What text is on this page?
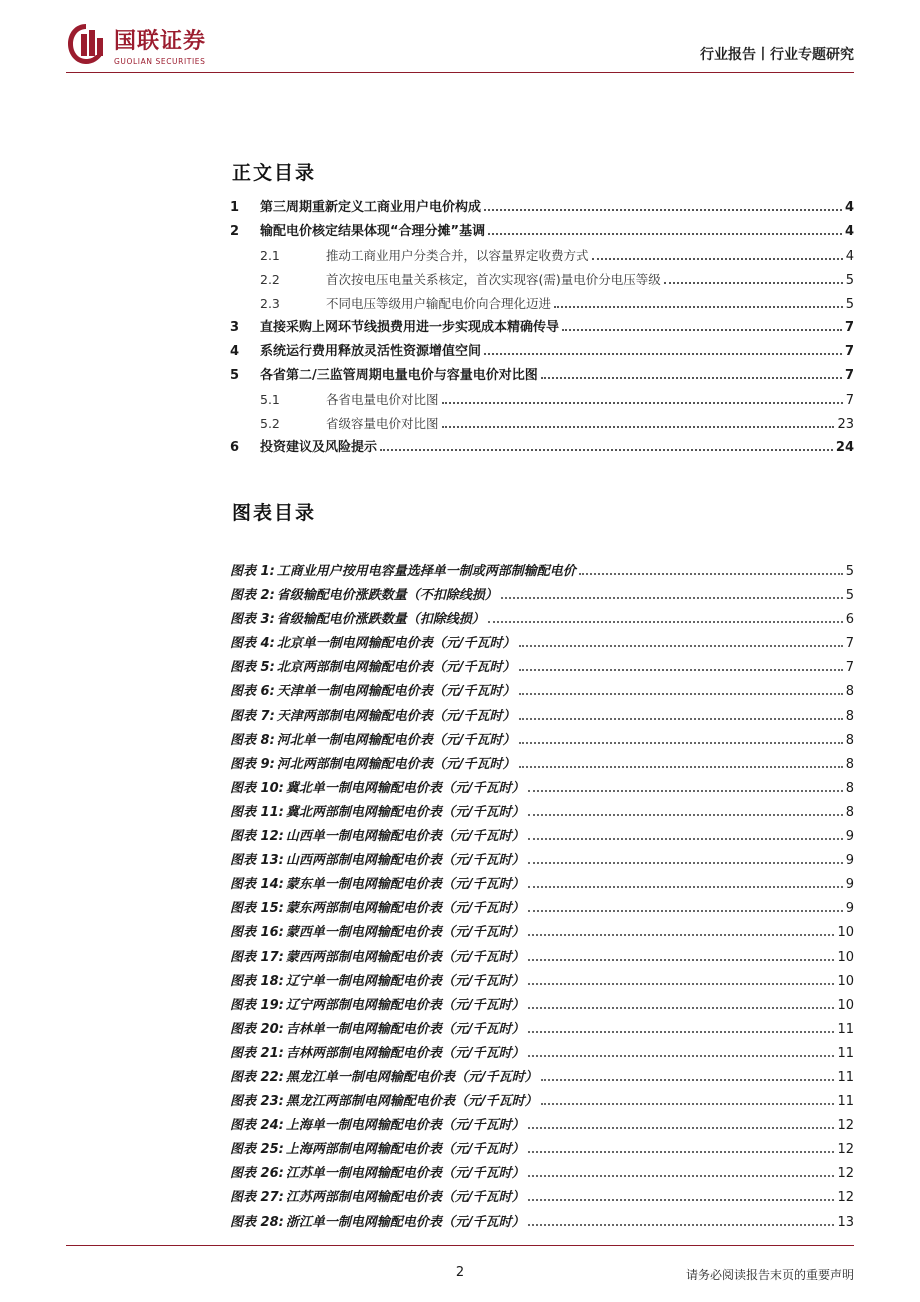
国联证券
GUOLIAN SECURITIES	行业报告丨行业专题研究
正文目录
1	第三周期重新定义工商业用户电价构成	4
2	输配电价核定结果体现“合理分摊”基调	4
2.1	推动工商业用户分类合并，以容量界定收费方式	4
2.2	首次按电压电量关系核定，首次实现容(需)量电价分电压等级	5
2.3	不同电压等级用户输配电价向合理化迈进	5
3	直接采购上网环节线损费用进一步实现成本精确传导	7
4	系统运行费用释放灵活性资源增值空间	7
5	各省第二/三监管周期电量电价与容量电价对比图	7
5.1	各省电量电价对比图	7
5.2	省级容量电价对比图	23
6	投资建议及风险提示	24
图表目录
图表 1: 工商业用户按用电容量选择单一制或两部制输配电价	5
图表 2: 省级输配电价涨跌数量（不扣除线损）	5
图表 3: 省级输配电价涨跌数量（扣除线损）	6
图表 4: 北京单一制电网输配电价表（元/千瓦时）	7
图表 5: 北京两部制电网输配电价表（元/千瓦时）	7
图表 6: 天津单一制电网输配电价表（元/千瓦时）	8
图表 7: 天津两部制电网输配电价表（元/千瓦时）	8
图表 8: 河北单一制电网输配电价表（元/千瓦时）	8
图表 9: 河北两部制电网输配电价表（元/千瓦时）	8
图表 10: 冀北单一制电网输配电价表（元/千瓦时）	8
图表 11: 冀北两部制电网输配电价表（元/千瓦时）	8
图表 12: 山西单一制电网输配电价表（元/千瓦时）	9
图表 13: 山西两部制电网输配电价表（元/千瓦时）	9
图表 14: 蒙东单一制电网输配电价表（元/千瓦时）	9
图表 15: 蒙东两部制电网输配电价表（元/千瓦时）	9
图表 16: 蒙西单一制电网输配电价表（元/千瓦时）	10
图表 17: 蒙西两部制电网输配电价表（元/千瓦时）	10
图表 18: 辽宁单一制电网输配电价表（元/千瓦时）	10
图表 19: 辽宁两部制电网输配电价表（元/千瓦时）	10
图表 20: 吉林单一制电网输配电价表（元/千瓦时）	11
图表 21: 吉林两部制电网输配电价表（元/千瓦时）	11
图表 22: 黑龙江单一制电网输配电价表（元/千瓦时）	11
图表 23: 黑龙江两部制电网输配电价表（元/千瓦时）	11
图表 24: 上海单一制电网输配电价表（元/千瓦时）	12
图表 25: 上海两部制电网输配电价表（元/千瓦时）	12
图表 26: 江苏单一制电网输配电价表（元/千瓦时）	12
图表 27: 江苏两部制电网输配电价表（元/千瓦时）	12
图表 28: 浙江单一制电网输配电价表（元/千瓦时）	13
2	请务必阅读报告末页的重要声明
